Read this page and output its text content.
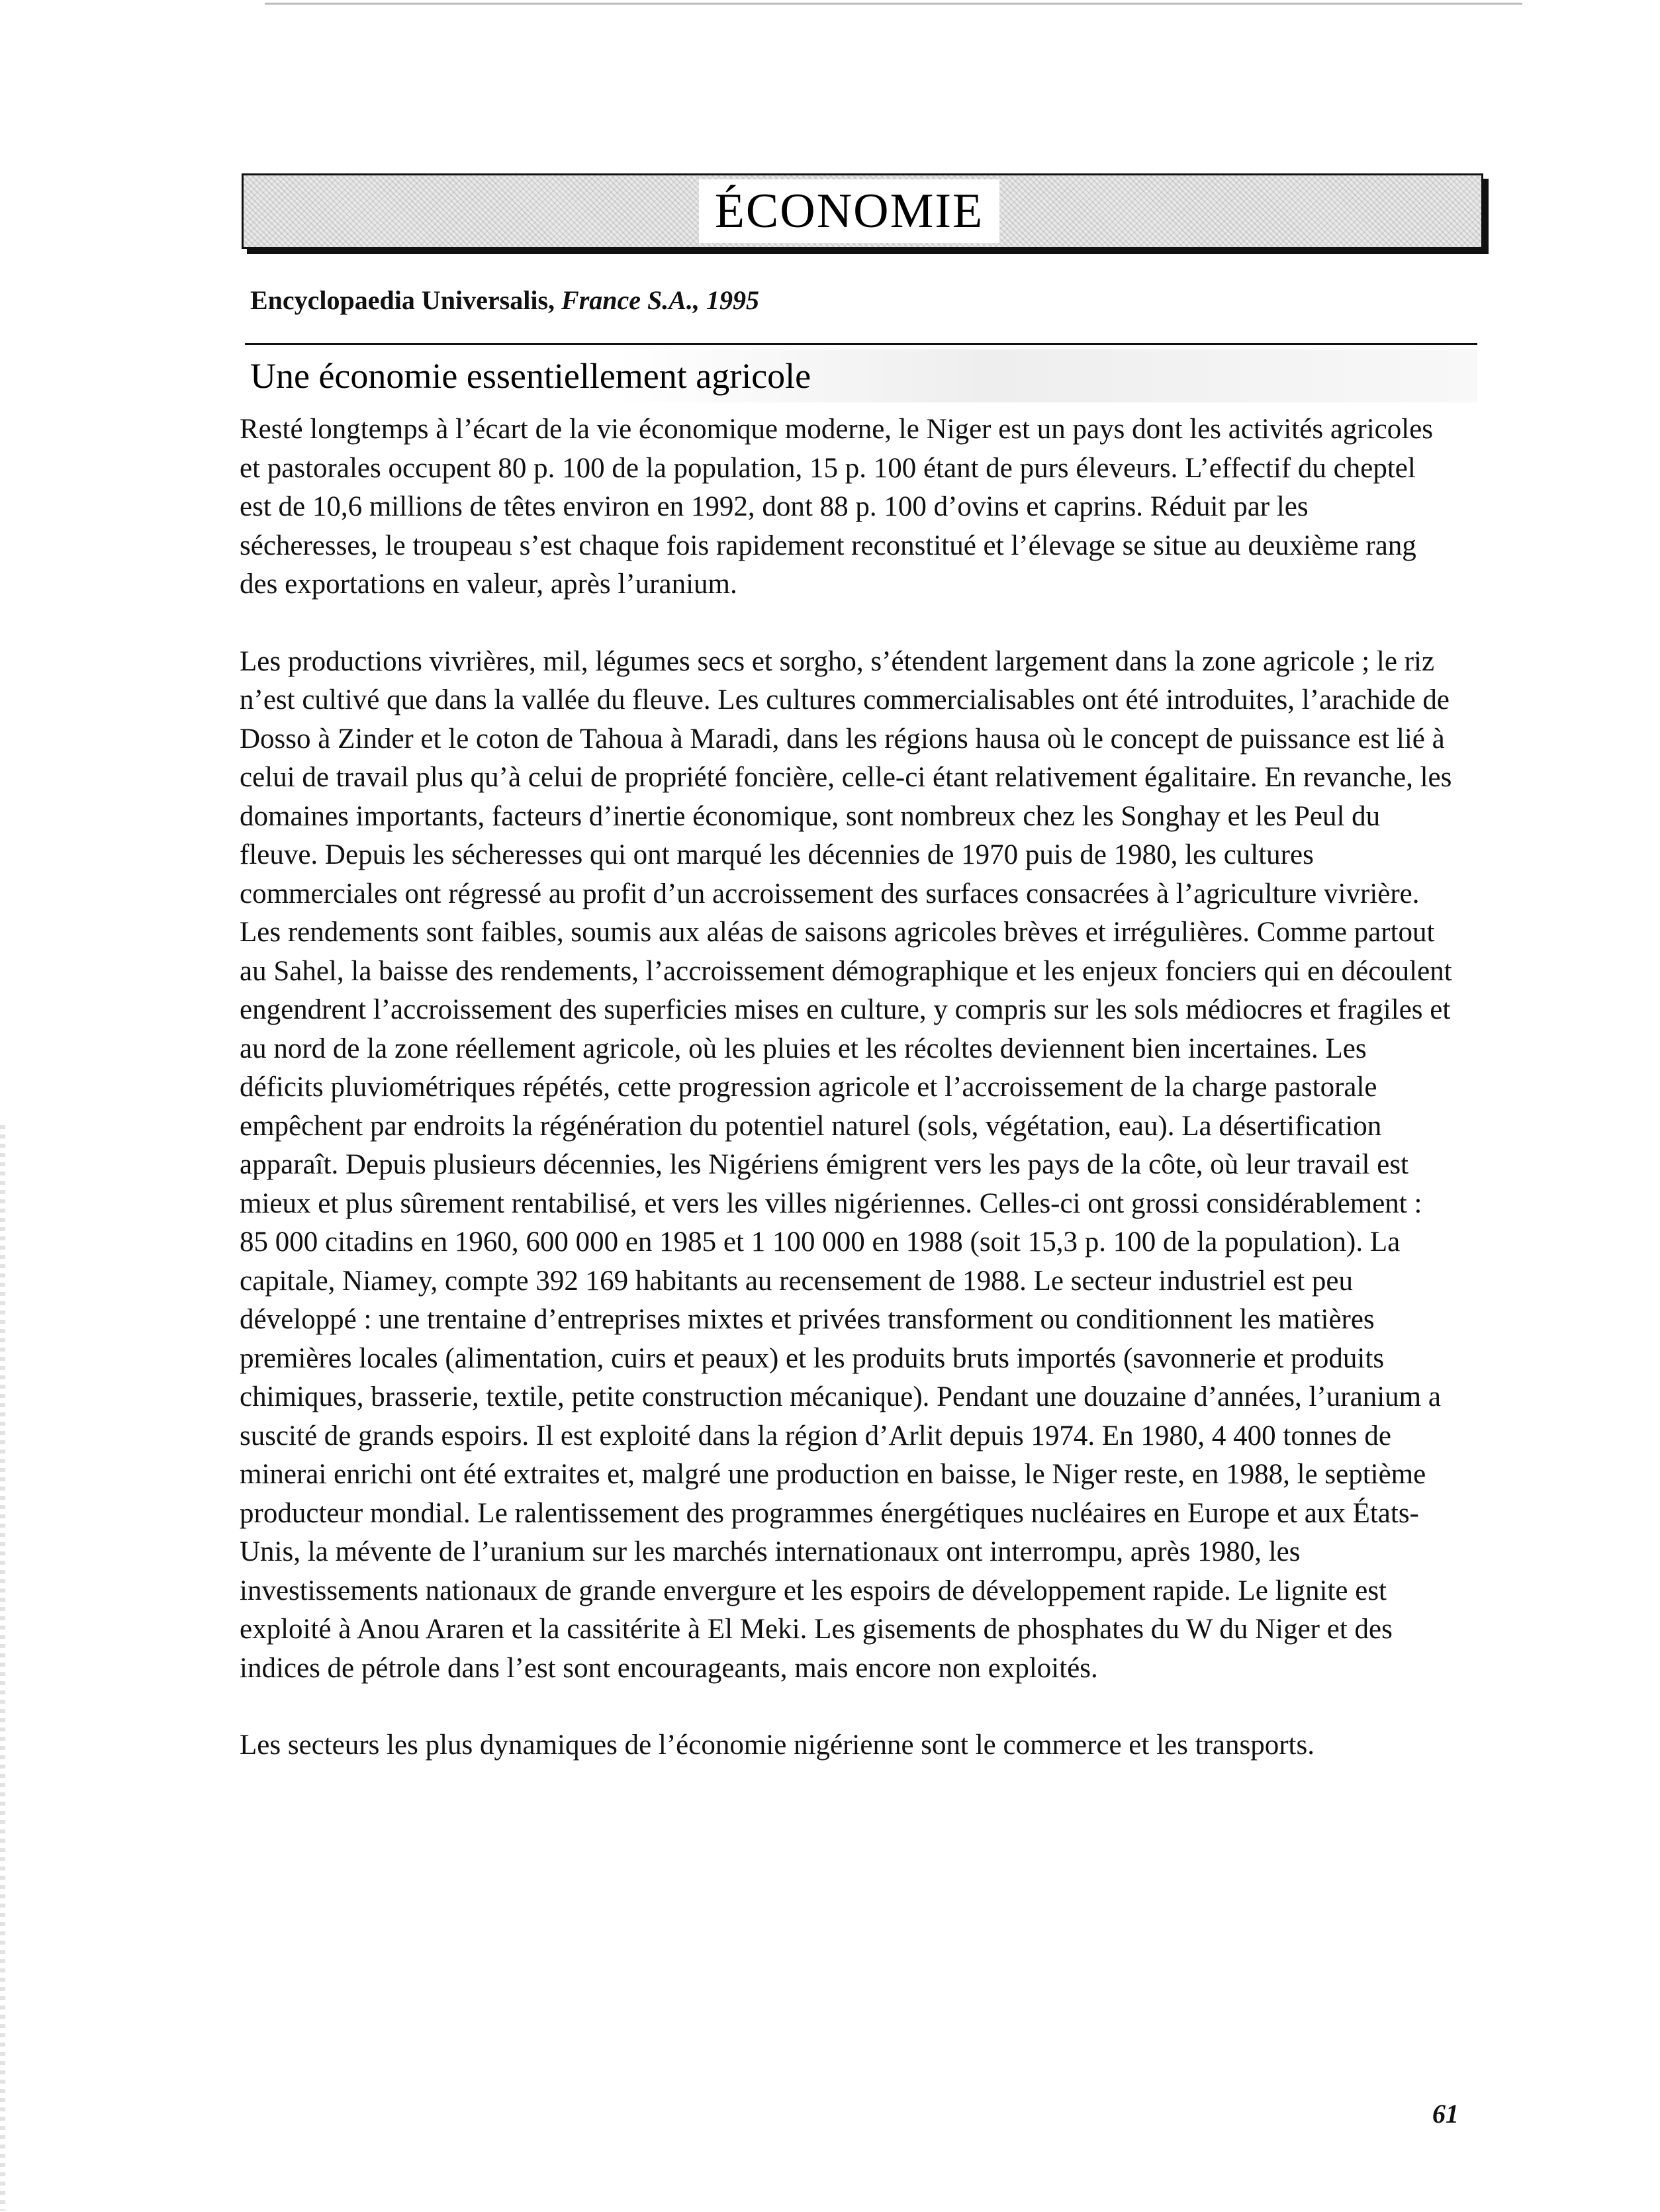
ÉCONOMIE
Encyclopaedia Universalis, France S.A., 1995
Une économie essentiellement agricole

Resté longtemps à l’écart de la vie économique moderne, le Niger est un pays dont les activités agricoles et pastorales occupent 80 p. 100 de la population, 15 p. 100 étant de purs éleveurs. L’effectif du cheptel est de 10,6 millions de têtes environ en 1992, dont 88 p. 100 d’ovins et caprins. Réduit par les sécheresses, le troupeau s’est chaque fois rapidement reconstitué et l’élevage se situe au deuxième rang des exportations en valeur, après l’uranium.

Les productions vivrières, mil, légumes secs et sorgho, s’étendent largement dans la zone agricole ; le riz n’est cultivé que dans la vallée du fleuve. Les cultures commercialisables ont été introduites, l’arachide de Dosso à Zinder et le coton de Tahoua à Maradi, dans les régions hausa où le concept de puissance est lié à celui de travail plus qu’à celui de propriété foncière, celle-ci étant relativement égalitaire. En revanche, les domaines importants, facteurs d’inertie économique, sont nombreux chez les Songhay et les Peul du fleuve. Depuis les sécheresses qui ont marqué les décennies de 1970 puis de 1980, les cultures commerciales ont régressé au profit d’un accroissement des surfaces consacrées à l’agriculture vivrière. Les rendements sont faibles, soumis aux aléas de saisons agricoles brèves et irrégulières. Comme partout au Sahel, la baisse des rendements, l’accroissement démographique et les enjeux fonciers qui en découlent engendrent l’accroissement des superficies mises en culture, y compris sur les sols médiocres et fragiles et au nord de la zone réellement agricole, où les pluies et les récoltes deviennent bien incertaines. Les déficits pluviométriques répétés, cette progression agricole et l’accroissement de la charge pastorale empêchent par endroits la régénération du potentiel naturel (sols, végétation, eau). La désertification apparaît. Depuis plusieurs décennies, les Nigériens émigrent vers les pays de la côte, où leur travail est mieux et plus sûrement rentabilisé, et vers les villes nigériennes. Celles-ci ont grossi considérablement : 85 000 citadins en 1960, 600 000 en 1985 et 1 100 000 en 1988 (soit 15,3 p. 100 de la population). La capitale, Niamey, compte 392 169 habitants au recensement de 1988. Le secteur industriel est peu développé : une trentaine d’entreprises mixtes et privées transforment ou conditionnent les matières premières locales (alimentation, cuirs et peaux) et les produits bruts importés (savonnerie et produits chimiques, brasserie, textile, petite construction mécanique). Pendant une douzaine d’années, l’uranium a suscité de grands espoirs. Il est exploité dans la région d’Arlit depuis 1974. En 1980, 4 400 tonnes de minerai enrichi ont été extraites et, malgré une production en baisse, le Niger reste, en 1988, le septième producteur mondial. Le ralentissement des programmes énergétiques nucléaires en Europe et aux États-Unis, la mévente de l’uranium sur les marchés internationaux ont interrompu, après 1980, les investissements nationaux de grande envergure et les espoirs de développement rapide. Le lignite est exploité à Anou Araren et la cassitérite à El Meki. Les gisements de phosphates du W du Niger et des indices de pétrole dans l’est sont encourageants, mais encore non exploités.

Les secteurs les plus dynamiques de l’économie nigérienne sont le commerce et les transports.

61
